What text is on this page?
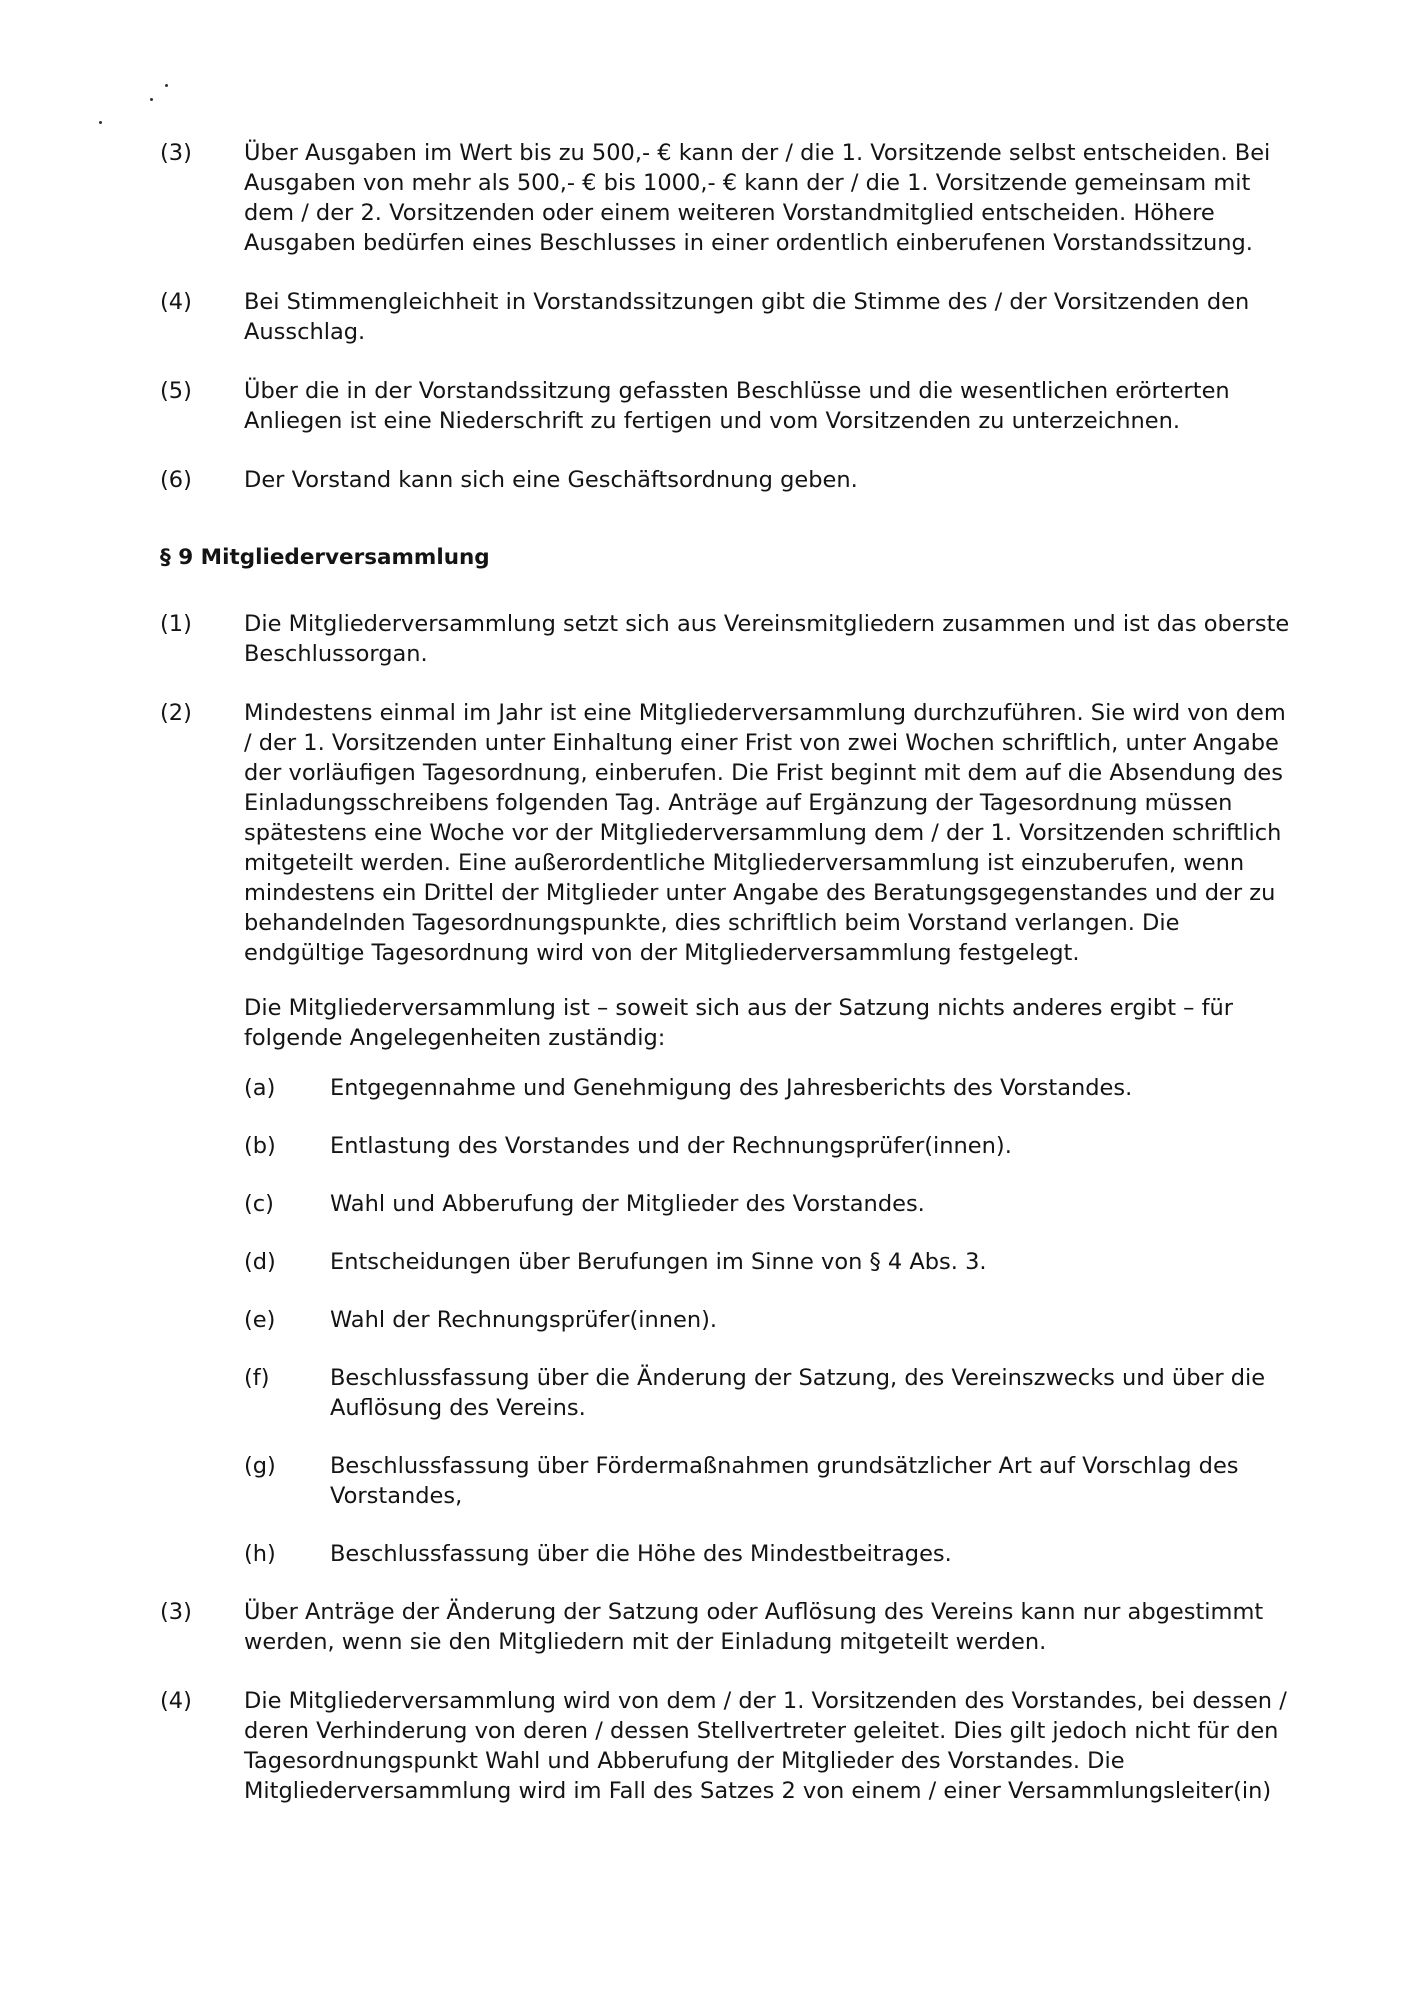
(3)	Über Ausgaben im Wert bis zu 500,- € kann der / die 1. Vorsitzende selbst entscheiden. Bei Ausgaben von mehr als 500,- € bis 1000,- € kann der / die 1. Vorsitzende gemeinsam mit dem / der 2. Vorsitzenden oder einem weiteren Vorstandmitglied entscheiden. Höhere Ausgaben bedürfen eines Beschlusses in einer ordentlich einberufenen Vorstandssitzung.
(4)	Bei Stimmengleichheit in Vorstandssitzungen gibt die Stimme des / der Vorsitzenden den Ausschlag.
(5)	Über die in der Vorstandssitzung gefassten Beschlüsse und die wesentlichen erörterten Anliegen ist eine Niederschrift zu fertigen und vom Vorsitzenden zu unterzeichnen.
(6)	Der Vorstand kann sich eine Geschäftsordnung geben.
§ 9 Mitgliederversammlung
(1)	Die Mitgliederversammlung setzt sich aus Vereinsmitgliedern zusammen und ist das oberste Beschlussorgan.
(2)	Mindestens einmal im Jahr ist eine Mitgliederversammlung durchzuführen. Sie wird von dem / der 1. Vorsitzenden unter Einhaltung einer Frist von zwei Wochen schriftlich, unter Angabe der vorläufigen Tagesordnung, einberufen. Die Frist beginnt mit dem auf die Absendung des Einladungsschreibens folgenden Tag. Anträge auf Ergänzung der Tagesordnung müssen spätestens eine Woche vor der Mitgliederversammlung dem / der 1. Vorsitzenden schriftlich mitgeteilt werden. Eine außerordentliche Mitgliederversammlung ist einzuberufen, wenn mindestens ein Drittel der Mitglieder unter Angabe des Beratungsgegenstandes und der zu behandelnden Tagesordnungspunkte, dies schriftlich beim Vorstand verlangen. Die endgültige Tagesordnung wird von der Mitgliederversammlung festgelegt.
Die Mitgliederversammlung ist – soweit sich aus der Satzung nichts anderes ergibt – für folgende Angelegenheiten zuständig:
(a) Entgegennahme und Genehmigung des Jahresberichts des Vorstandes.
(b) Entlastung des Vorstandes und der Rechnungsprüfer(innen).
(c) Wahl und Abberufung der Mitglieder des Vorstandes.
(d) Entscheidungen über Berufungen im Sinne von § 4 Abs. 3.
(e) Wahl der Rechnungsprüfer(innen).
(f)	Beschlussfassung über die Änderung der Satzung, des Vereinszwecks und über die Auflösung des Vereins.
(g) Beschlussfassung über Fördermaßnahmen grundsätzlicher Art auf Vorschlag des Vorstandes,
(h) Beschlussfassung über die Höhe des Mindestbeitrages.
(3)	Über Anträge der Änderung der Satzung oder Auflösung des Vereins kann nur abgestimmt werden, wenn sie den Mitgliedern mit der Einladung mitgeteilt werden.
(4)	Die Mitgliederversammlung wird von dem / der 1. Vorsitzenden des Vorstandes, bei dessen / deren Verhinderung von deren / dessen Stellvertreter geleitet. Dies gilt jedoch nicht für den Tagesordnungspunkt Wahl und Abberufung der Mitglieder des Vorstandes. Die Mitgliederversammlung wird im Fall des Satzes 2 von einem / einer Versammlungsleiter(in)
